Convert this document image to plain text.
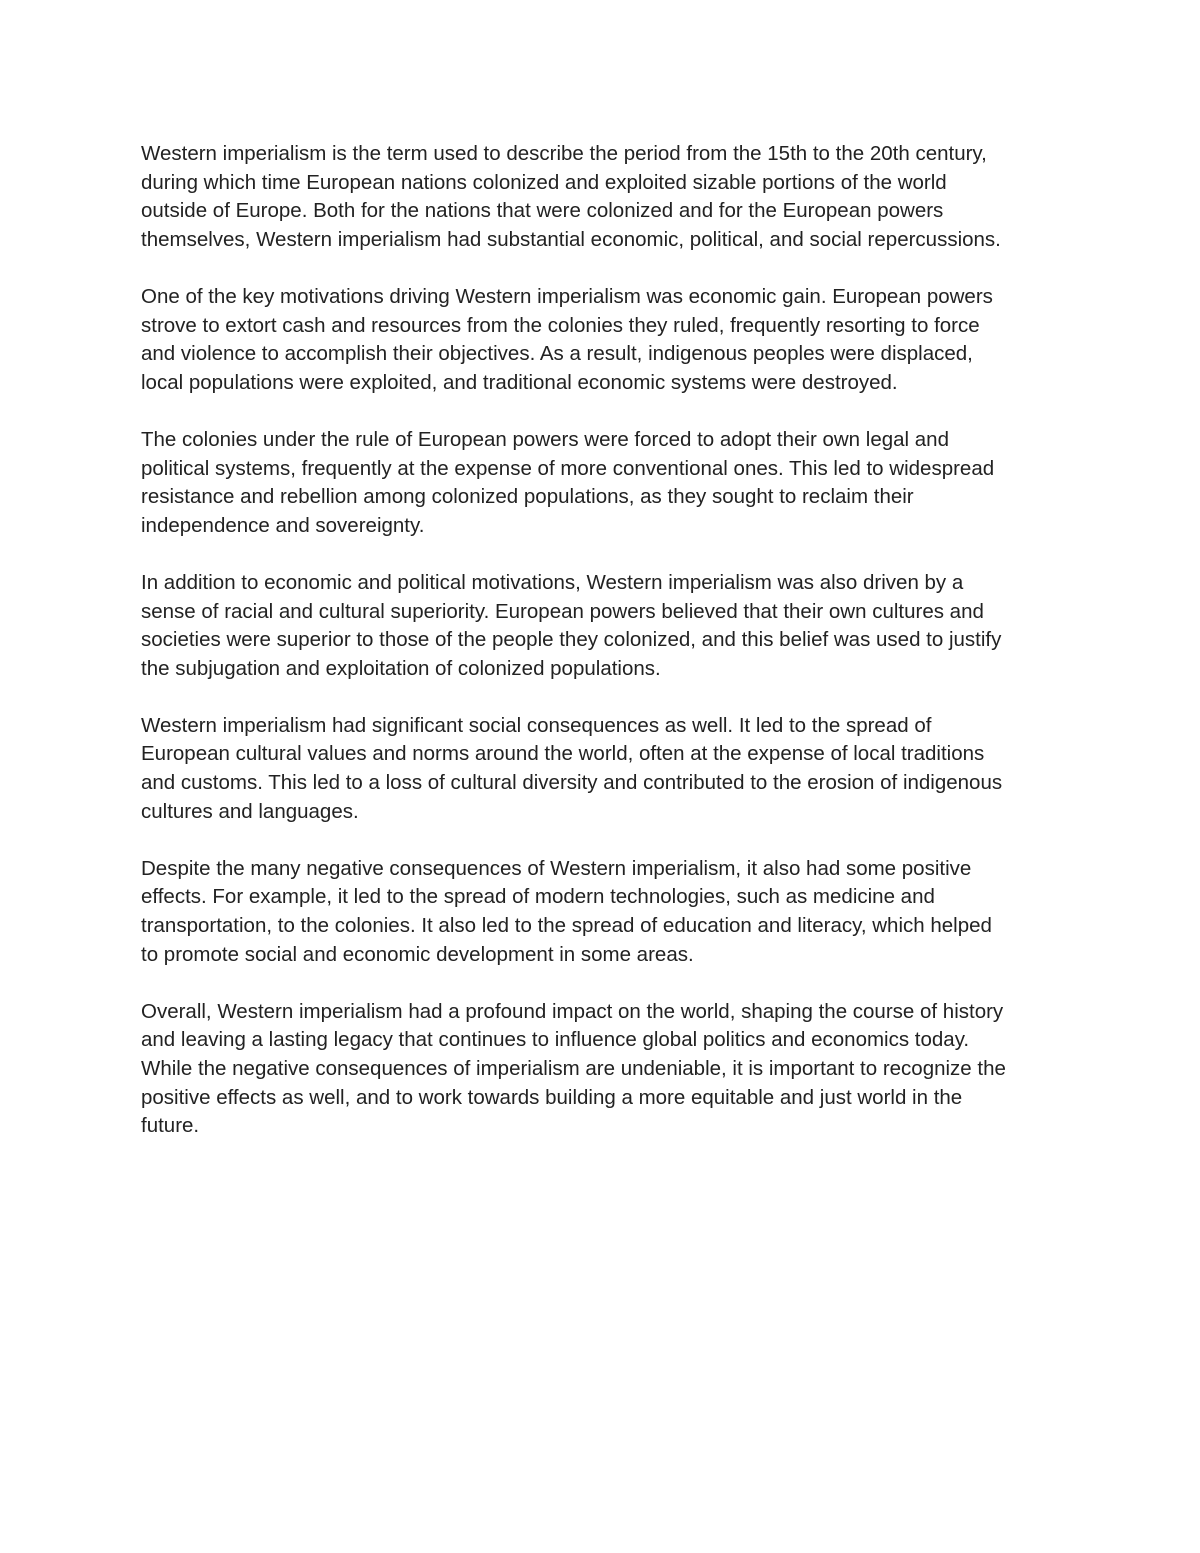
Western imperialism is the term used to describe the period from the 15th to the 20th century,
during which time European nations colonized and exploited sizable portions of the world
outside of Europe. Both for the nations that were colonized and for the European powers
themselves, Western imperialism had substantial economic, political, and social repercussions.

One of the key motivations driving Western imperialism was economic gain. European powers
strove to extort cash and resources from the colonies they ruled, frequently resorting to force
and violence to accomplish their objectives. As a result, indigenous peoples were displaced,
local populations were exploited, and traditional economic systems were destroyed.

The colonies under the rule of European powers were forced to adopt their own legal and
political systems, frequently at the expense of more conventional ones. This led to widespread
resistance and rebellion among colonized populations, as they sought to reclaim their
independence and sovereignty.

In addition to economic and political motivations, Western imperialism was also driven by a
sense of racial and cultural superiority. European powers believed that their own cultures and
societies were superior to those of the people they colonized, and this belief was used to justify
the subjugation and exploitation of colonized populations.

Western imperialism had significant social consequences as well. It led to the spread of
European cultural values and norms around the world, often at the expense of local traditions
and customs. This led to a loss of cultural diversity and contributed to the erosion of indigenous
cultures and languages.

Despite the many negative consequences of Western imperialism, it also had some positive
effects. For example, it led to the spread of modern technologies, such as medicine and
transportation, to the colonies. It also led to the spread of education and literacy, which helped
to promote social and economic development in some areas.

Overall, Western imperialism had a profound impact on the world, shaping the course of history
and leaving a lasting legacy that continues to influence global politics and economics today.
While the negative consequences of imperialism are undeniable, it is important to recognize the
positive effects as well, and to work towards building a more equitable and just world in the
future.
